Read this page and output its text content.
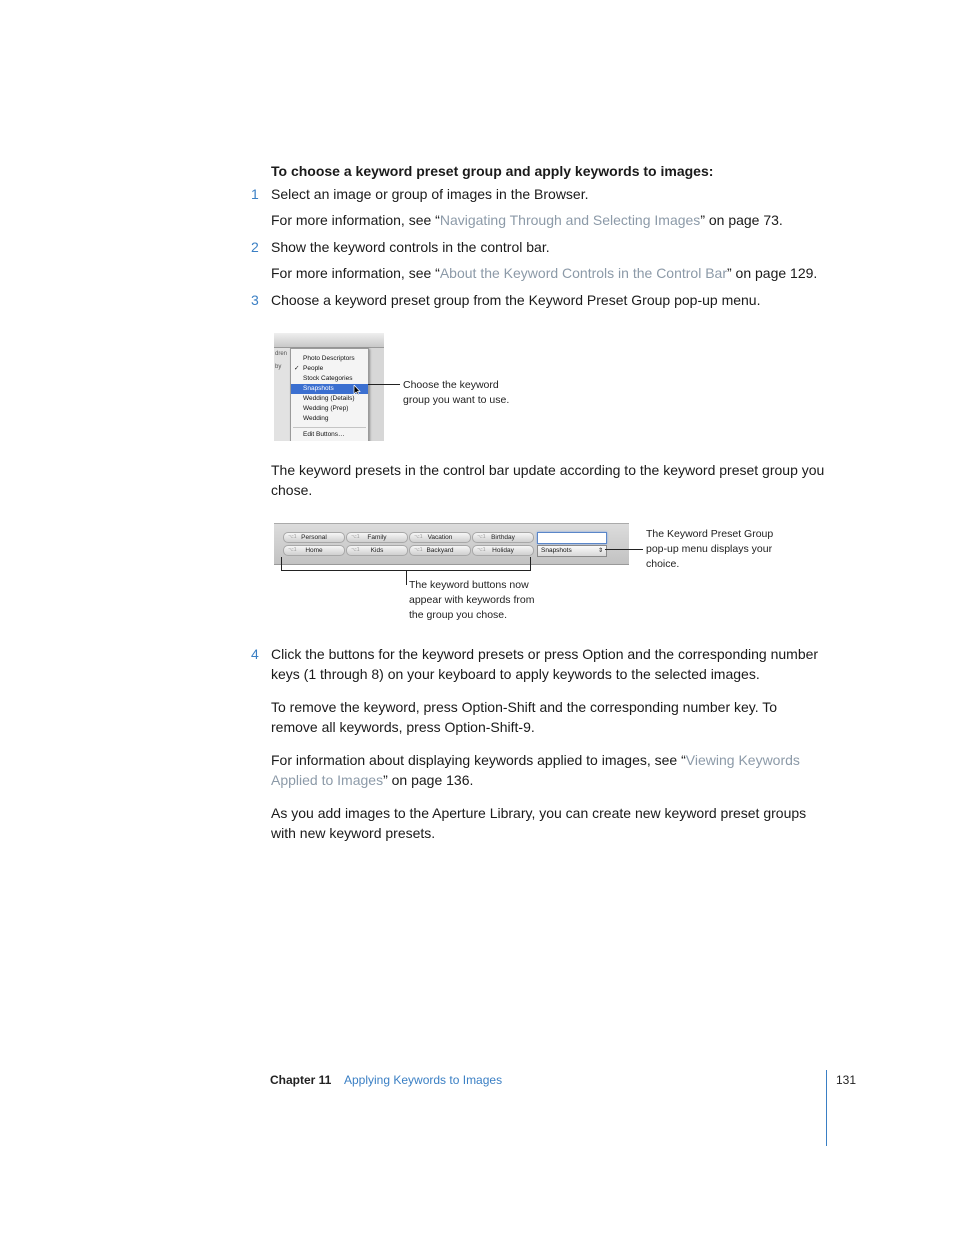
To choose a keyword preset group and apply keywords to images:
1 Select an image or group of images in the Browser.
For more information, see “Navigating Through and Selecting Images” on page 73.
2 Show the keyword controls in the control bar.
For more information, see “About the Keyword Controls in the Control Bar” on page 129.
3 Choose a keyword preset group from the Keyword Preset Group pop-up menu.
dren
by
Photo Descriptors
✓ People
Stock Categories
Snapshots
Wedding (Details)
Wedding (Prep)
Wedding
Edit Buttons…
Choose the keyword group you want to use.
The keyword presets in the control bar update according to the keyword preset group you chose.
⌥1 Personal	⌥1 Family	⌥1 Vacation	⌥1 Birthday
⌥1 Home	⌥1 Kids	⌥1 Backyard	⌥1 Holiday	Snapshots	⇕
The Keyword Preset Group pop-up menu displays your choice.
The keyword buttons now appear with keywords from the group you chose.
4 Click the buttons for the keyword presets or press Option and the corresponding number keys (1 through 8) on your keyboard to apply keywords to the selected images.
To remove the keyword, press Option-Shift and the corresponding number key. To remove all keywords, press Option-Shift-9.
For information about displaying keywords applied to images, see “Viewing Keywords Applied to Images” on page 136.
As you add images to the Aperture Library, you can create new keyword preset groups with new keyword presets.
Chapter 11 Applying Keywords to Images	131
